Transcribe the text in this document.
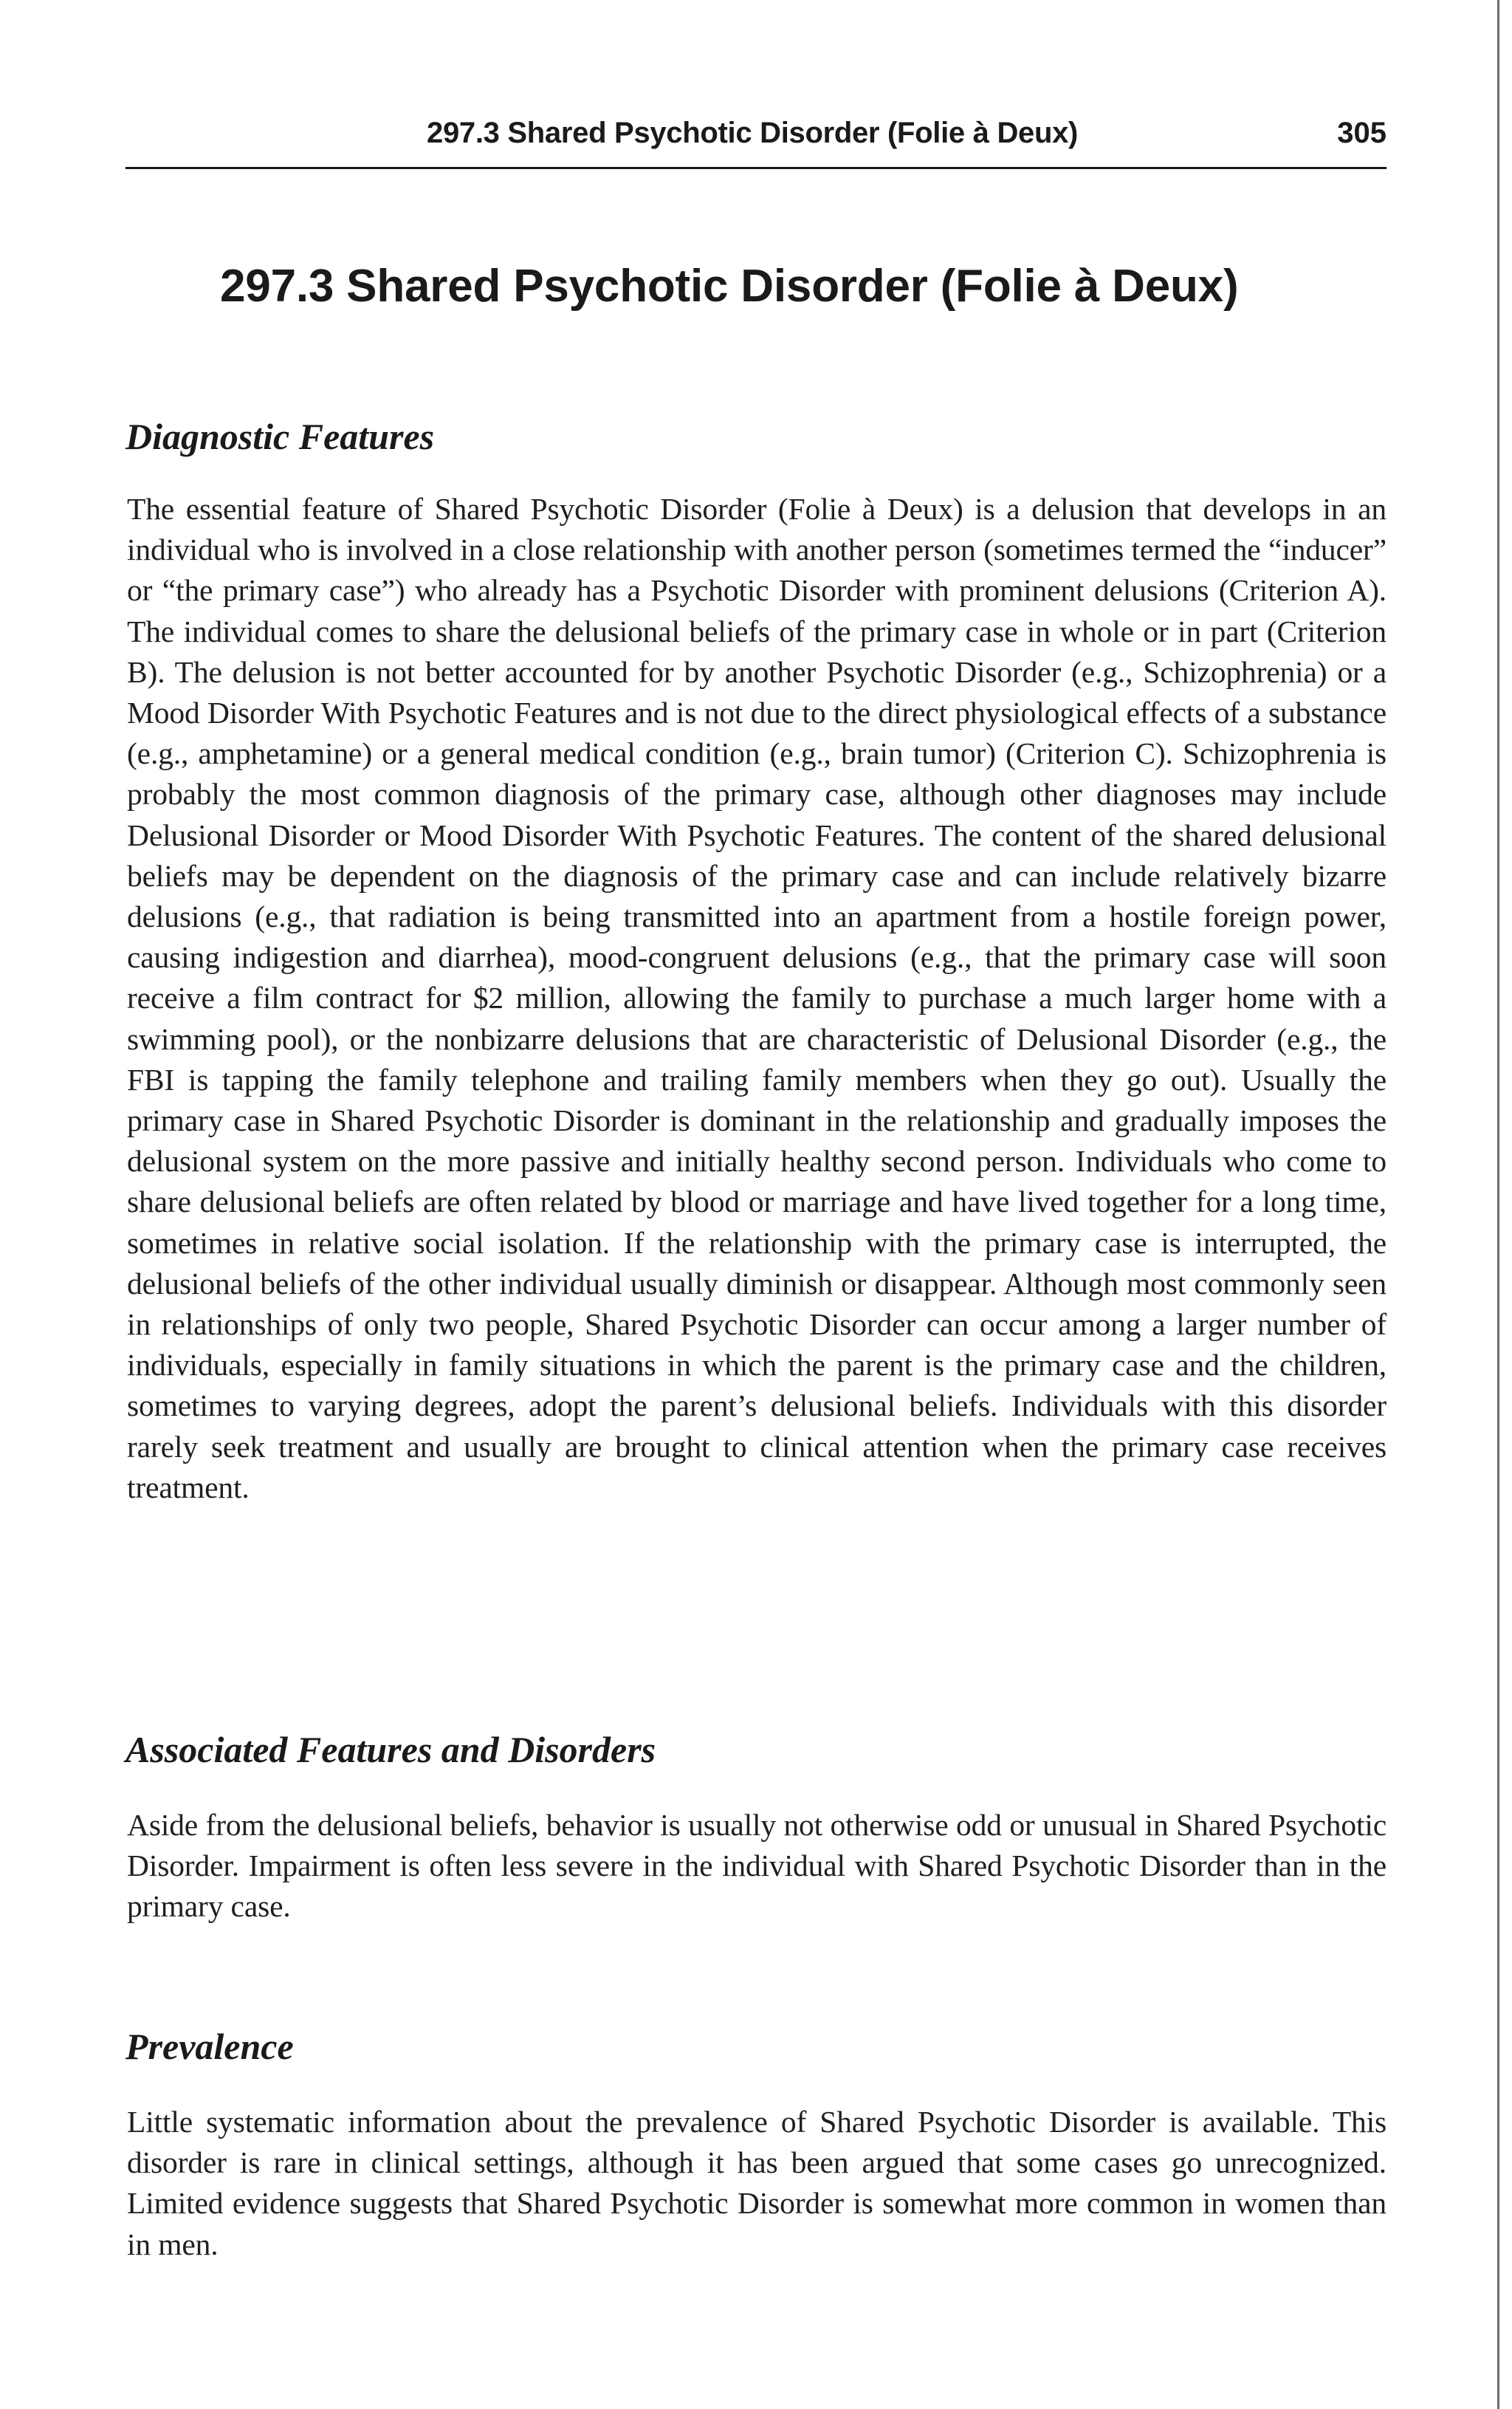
297.3 Shared Psychotic Disorder (Folie à Deux)	305
297.3 Shared Psychotic Disorder (Folie à Deux)
Diagnostic Features

The essential feature of Shared Psychotic Disorder (Folie à Deux) is a delusion that develops in an individual who is involved in a close relationship with another person (sometimes termed the “inducer” or “the primary case”) who already has a Psychotic Disorder with prominent delusions (Criterion A). The individual comes to share the delusional beliefs of the primary case in whole or in part (Criterion B). The delusion is not better accounted for by another Psychotic Disorder (e.g., Schizophrenia) or a Mood Disorder With Psychotic Features and is not due to the direct physiological effects of a substance (e.g., amphetamine) or a general medical condition (e.g., brain tumor) (Criterion C). Schizophrenia is probably the most common diagnosis of the primary case, although other diagnoses may include Delusional Disorder or Mood Disorder With Psychotic Features. The content of the shared delusional beliefs may be dependent on the diagnosis of the primary case and can include relatively bizarre delusions (e.g., that radiation is being transmitted into an apartment from a hostile foreign power, causing indigestion and diarrhea), mood-congruent delusions (e.g., that the primary case will soon receive a film contract for $2 million, allowing the family to purchase a much larger home with a swimming pool), or the nonbizarre delusions that are characteristic of Delusional Disorder (e.g., the FBI is tapping the family telephone and trailing family members when they go out). Usually the primary case in Shared Psychotic Disorder is dominant in the relationship and gradually imposes the delusional system on the more passive and initially healthy second person. Individuals who come to share delusional beliefs are often related by blood or marriage and have lived together for a long time, sometimes in relative social isolation. If the relationship with the primary case is interrupted, the delusional beliefs of the other individual usually diminish or disappear. Although most commonly seen in relationships of only two people, Shared Psychotic Disorder can occur among a larger number of individuals, especially in family situations in which the parent is the primary case and the children, sometimes to varying degrees, adopt the parent’s delusional beliefs. Individuals with this disorder rarely seek treatment and usually are brought to clinical attention when the primary case receives treatment.

Associated Features and Disorders

Aside from the delusional beliefs, behavior is usually not otherwise odd or unusual in Shared Psychotic Disorder. Impairment is often less severe in the individual with Shared Psychotic Disorder than in the primary case.

Prevalence

Little systematic information about the prevalence of Shared Psychotic Disorder is available. This disorder is rare in clinical settings, although it has been argued that some cases go unrecognized. Limited evidence suggests that Shared Psychotic Disorder is somewhat more common in women than in men.
